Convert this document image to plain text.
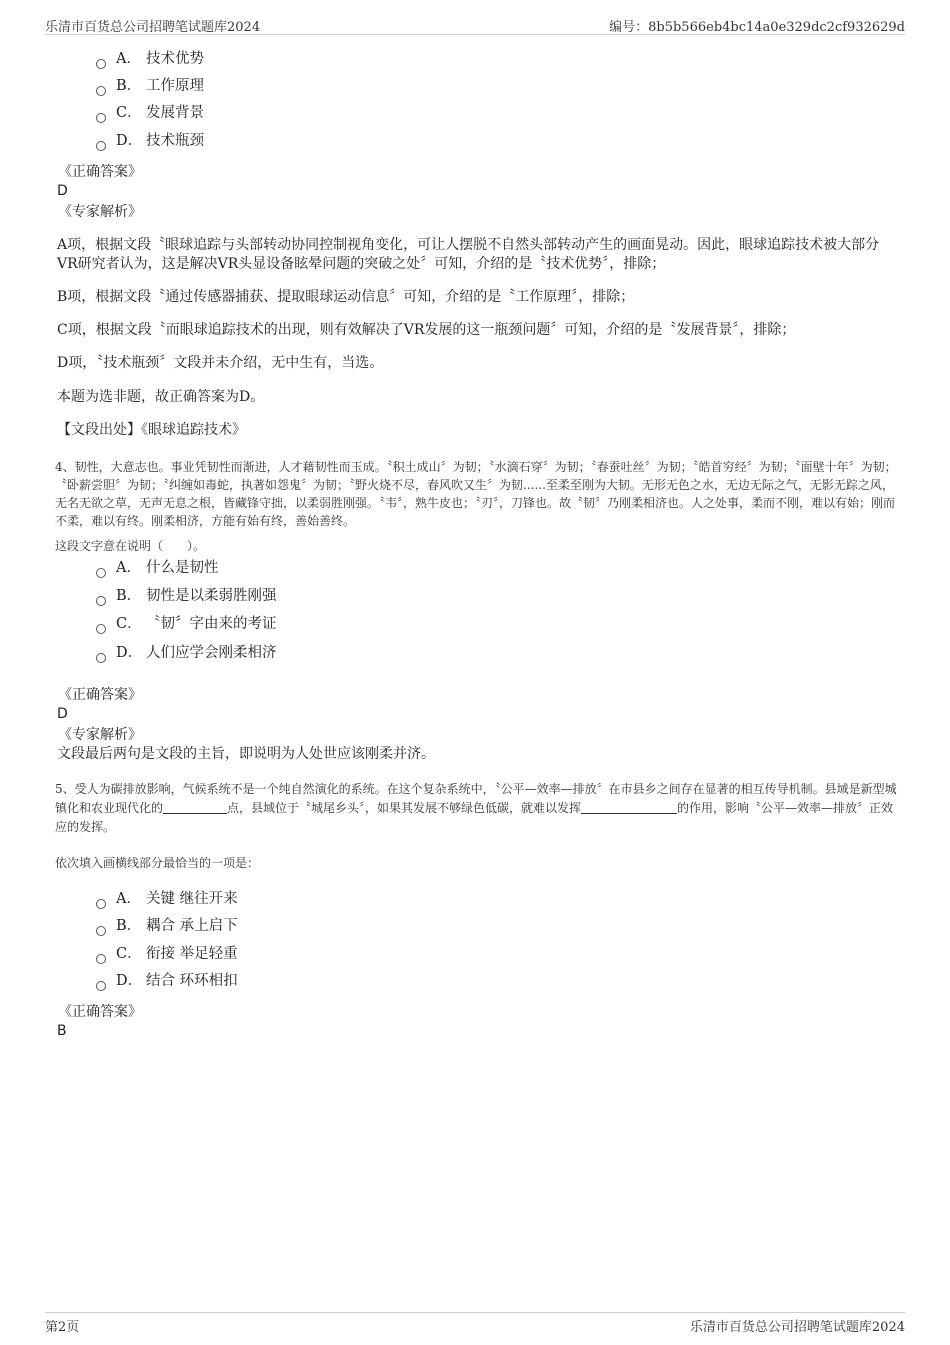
乐清市百货总公司招聘笔试题库2024	编号：8b5b566eb4bc14a0e329dc2cf932629d
A． 技术优势
B． 工作原理
C． 发展背景
D． 技术瓶颈
《正确答案》
D
《专家解析》
A项，根据文段〝眼球追踪与头部转动协同控制视角变化，可让人摆脱不自然头部转动产生的画面晃动。因此，眼球追踪技术被大部分VR研究者认为，这是解决VR头显设备眩晕问题的突破之处〞可知，介绍的是〝技术优势〞，排除；
B项，根据文段〝通过传感器捕获、提取眼球运动信息〞可知，介绍的是〝工作原理〞，排除；
C项，根据文段〝而眼球追踪技术的出现，则有效解决了VR发展的这一瓶颈问题〞可知，介绍的是〝发展背景〞，排除；
D项，〝技术瓶颈〞文段并未介绍，无中生有，当选。
本题为选非题，故正确答案为D。
【文段出处】《眼球追踪技术》
4、韧性，大意志也。事业凭韧性而渐进，人才藉韧性而玉成。〝积土成山〞为韧；〝水滴石穿〞为韧；〝春蚕吐丝〞为韧；〝皓首穷经〞为韧；〝面壁十年〞为韧；〝卧薪尝胆〞为韧；〝纠缠如毒蛇，执著如怨鬼〞为韧；〝野火烧不尽，春风吹又生〞为韧......至柔至刚为大韧。无形无色之水，无边无际之气，无影无踪之风，无名无欲之草，无声无息之根，皆藏锋守拙，以柔弱胜刚强。〝韦〞，熟牛皮也；〝刃〞，刀锋也。故〝韧〞乃刚柔相济也。人之处事，柔而不刚，难以有始；刚而不柔，难以有终。刚柔相济，方能有始有终，善始善终。
这段文字意在说明（　　）。
A． 什么是韧性
B． 韧性是以柔弱胜刚强
C． 〝韧〞字由来的考证
D． 人们应学会刚柔相济
《正确答案》
D
《专家解析》
文段最后两句是文段的主旨，即说明为人处世应该刚柔并济。
5、受人为碳排放影响，气候系统不是一个纯自然演化的系统。在这个复杂系统中，〝公平—效率—排放〞在市县乡之间存在显著的相互传导机制。县域是新型城镇化和农业现代化的	点，县域位于〝城尾乡头〞，如果其发展不够绿色低碳，就难以发挥	的作用，影响〝公平—效率—排放〞正效应的发挥。
依次填入画横线部分最恰当的一项是：
A． 关键 继往开来
B． 耦合 承上启下
C． 衔接 举足轻重
D． 结合 环环相扣
《正确答案》
B
第2页	乐清市百货总公司招聘笔试题库2024
